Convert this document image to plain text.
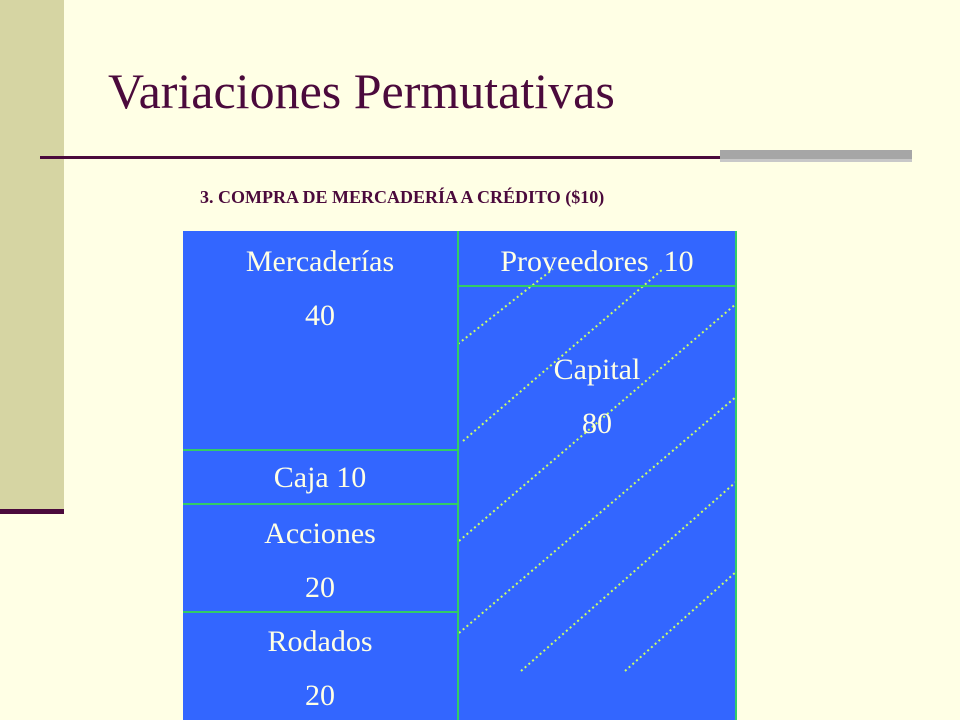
Variaciones Permutativas
3. COMPRA DE MERCADERÍA A CRÉDITO ($10)
Mercaderías
40
Caja 10
Acciones
20
Rodados
20
Proveedores  10
Capital
80
